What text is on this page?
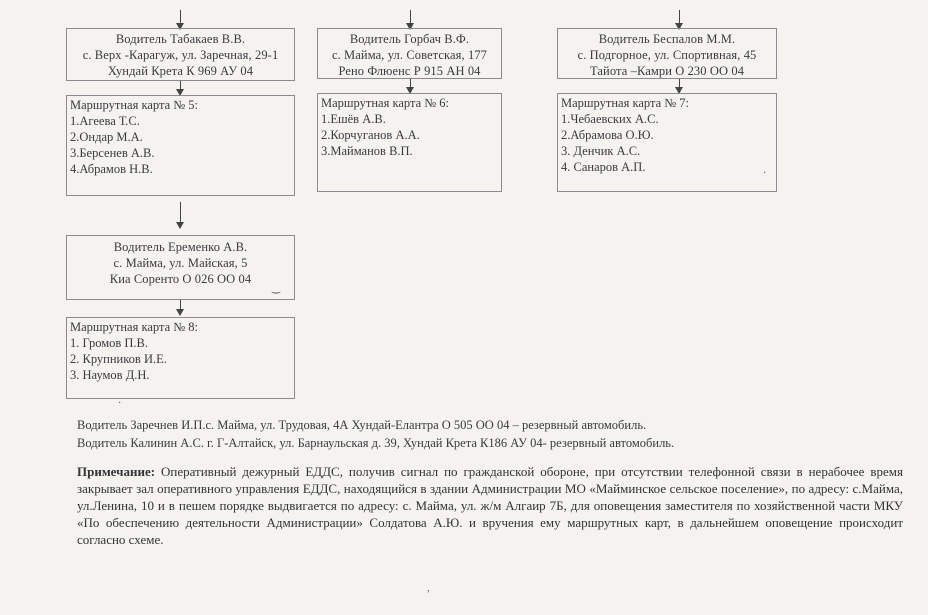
Водитель Табакаев В.В.
с. Верх -Карагуж, ул. Заречная, 29-1
Хундай Крета К 969 АУ 04
Водитель Горбач В.Ф.
с. Майма, ул. Советская, 177
Рено Флюенс Р 915 АН 04
Водитель Беспалов М.М.
с. Подгорное, ул. Спортивная, 45
Тайота –Камри О 230 ОО 04
Водитель Еременко А.В.
с. Майма, ул. Майская, 5
Киа Соренто О 026 ОО 04
Маршрутная карта № 5:
1.Агеева Т.С.
2.Ондар М.А.
3.Берсенев А.В.
4.Абрамов Н.В.
Маршрутная карта № 6:
1.Ешёв А.В.
2.Корчуганов А.А.
3.Майманов В.П.
Маршрутная карта № 7:
1.Чебаевских А.С.
2.Абрамова О.Ю.
3. Денчик А.С.
4. Санаров А.П.
Маршрутная карта № 8:
1. Громов П.В.
2. Крупников И.Е.
3. Наумов Д.Н.
‿
·
·
,
Водитель Заречнев И.П.с. Майма, ул. Трудовая, 4А Хундай-Елантра О 505 ОО 04 – резервный автомобиль.
Водитель Калинин А.С. г. Г-Алтайск, ул. Барнаульская д. 39, Хундай Крета К186 АУ 04- резервный автомобиль.
Примечание: Оперативный дежурный ЕДДС, получив сигнал по гражданской обороне, при отсутствии телефонной связи в нерабочее время закрывает зал оперативного управления ЕДДС, находящийся в здании Администрации МО «Майминское сельское поселение», по адресу: с.Майма, ул.Ленина, 10 и в пешем порядке выдвигается по адресу: с. Майма, ул. ж/м Алгаир 7Б, для оповещения заместителя по хозяйственной части МКУ «По обеспечению деятельности Администрации» Солдатова А.Ю. и вручения ему маршрутных карт, в дальнейшем оповещение происходит согласно схеме.
